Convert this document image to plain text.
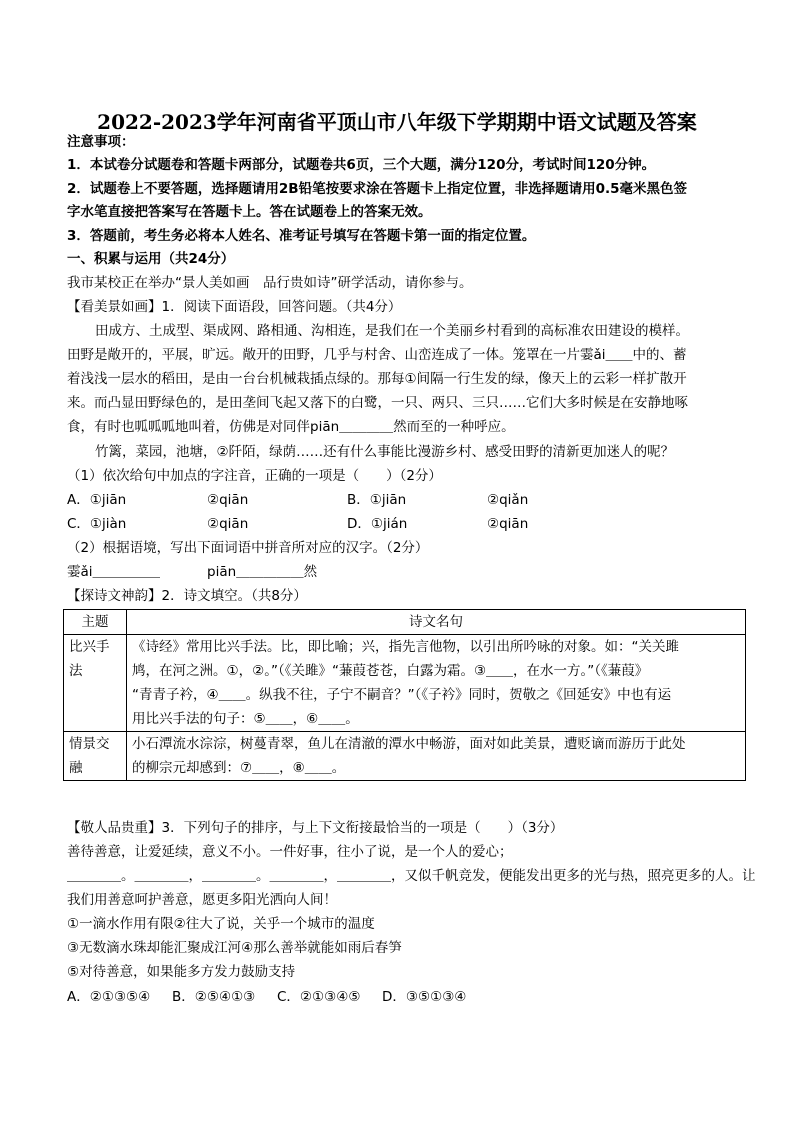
2022-2023学年河南省平顶山市八年级下学期期中语文试题及答案
注意事项：
1．本试卷分试题卷和答题卡两部分，试题卷共6页，三个大题，满分120分，考试时间120分钟。
2．试题卷上不要答题，选择题请用2B铅笔按要求涂在答题卡上指定位置，非选择题请用0.5毫米黑色签
字水笔直接把答案写在答题卡上。答在试题卷上的答案无效。
3．答题前，考生务必将本人姓名、准考证号填写在答题卡第一面的指定位置。
一、积累与运用（共24分）
我市某校正在举办“景人美如画　品行贵如诗”研学活动，请你参与。
【看美景如画】1．阅读下面语段，回答问题。（共4分）
田成方、土成型、渠成网、路相通、沟相连，是我们在一个美丽乡村看到的高标准农田建设的模样。
田野是敞开的，平展，旷远。敞开的田野，几乎与村舍、山峦连成了一体。笼罩在一片霎ǎi＿＿中的、蓄
着浅浅一层水的稻田，是由一台台机械栽插点绿的。那每①间隔一行生发的绿，像天上的云彩一样扩散开
来。而凸显田野绿色的，是田垄间飞起又落下的白鹭，一只、两只、三只……它们大多时候是在安静地啄
食，有时也呱呱呱地叫着，仿佛是对同伴piān＿＿＿＿然而至的一种呼应。
竹篱，菜园，池塘，②阡陌，绿荫……还有什么事能比漫游乡村、感受田野的清新更加迷人的呢？
（1）依次给句中加点的字注音，正确的一项是（　　）（2分）
A．①jiān	②qiān	B．①jiān	②qiǎn
C．①jiàn	②qiān	D．①jián	②qiān
（2）根据语境，写出下面词语中拼音所对应的汉字。（2分）
霎ǎi＿＿＿＿＿	piān＿＿＿＿＿然
【探诗文神韵】2．诗文填空。（共8分）
主题	诗文名句
比兴手法	《诗经》常用比兴手法。比，即比喻；兴，指先言他物，以引出所吟咏的对象。如：“关关雎
鸠，在河之洲。①，②。”（《关雎》“蒹葭苍苍，白露为霜。③＿＿，在水一方。”（《蒹葭》
“青青子衿，④＿＿。纵我不往，子宁不嗣音？”（《子衿》同时，贺敬之《回延安》中也有运
用比兴手法的句子：⑤＿＿，⑥＿＿。

情景交融	小石潭流水淙淙，树蔓青翠，鱼儿在清澈的潭水中畅游，面对如此美景，遭贬谪而游历于此处
的柳宗元却感到：⑦＿＿，⑧＿＿。
【敬人品贵重】3．下列句子的排序，与上下文衔接最恰当的一项是（　　）（3分）
善待善意，让爱延续，意义不小。一件好事，往小了说，是一个人的爱心；
＿＿＿＿。＿＿＿＿，＿＿＿＿。＿＿＿＿，＿＿＿＿，又似千帆竞发，便能发出更多的光与热，照亮更多的人。让
我们用善意呵护善意，愿更多阳光洒向人间！
①一滴水作用有限②往大了说，关乎一个城市的温度
③无数滴水珠却能汇聚成江河④那么善举就能如雨后春笋
⑤对待善意，如果能多方发力鼓励支持
A．②①③⑤④ B．②⑤④①③ C．②①③④⑤ D．③⑤①③④
